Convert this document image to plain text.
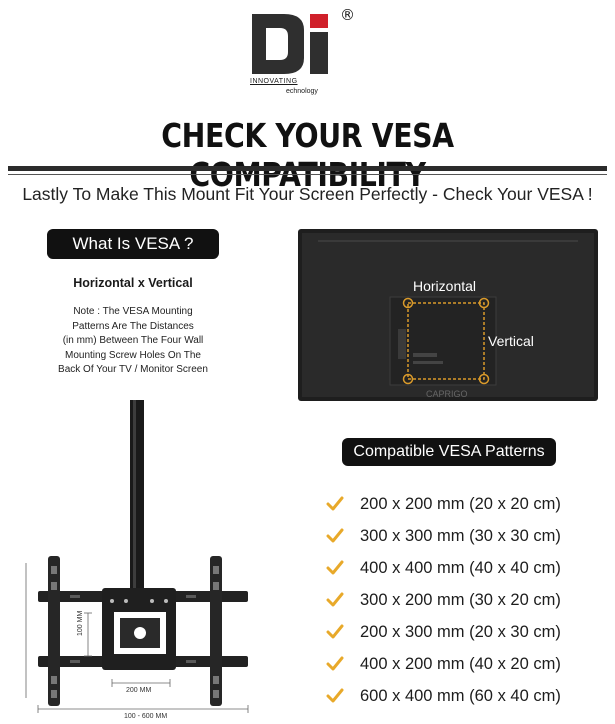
®
INNOVATING
echnology
CHECK YOUR VESA
Lastly To Make This Mount Fit Your Screen Perfectly - Check Your VESA !
What Is VESA ?
Horizontal x Vertical
Note : The VESA Mounting
Patterns Are The Distances
(in mm) Between The Four Wall
Mounting Screw Holes On The
Back Of Your TV / Monitor Screen
Horizontal
Vertical
CAPRIGO
Compatible VESA Patterns
200 x 200 mm (20 x 20 cm)
300 x 300 mm (30 x 30 cm)
400 x 400 mm (40 x 40 cm)
300 x 200 mm (30 x 20 cm)
200 x 300 mm (20 x 30 cm)
400 x 200 mm (40 x 20 cm)
600 x 400 mm (60 x 40 cm)
100 MM
200 MM
100 - 600 MM
